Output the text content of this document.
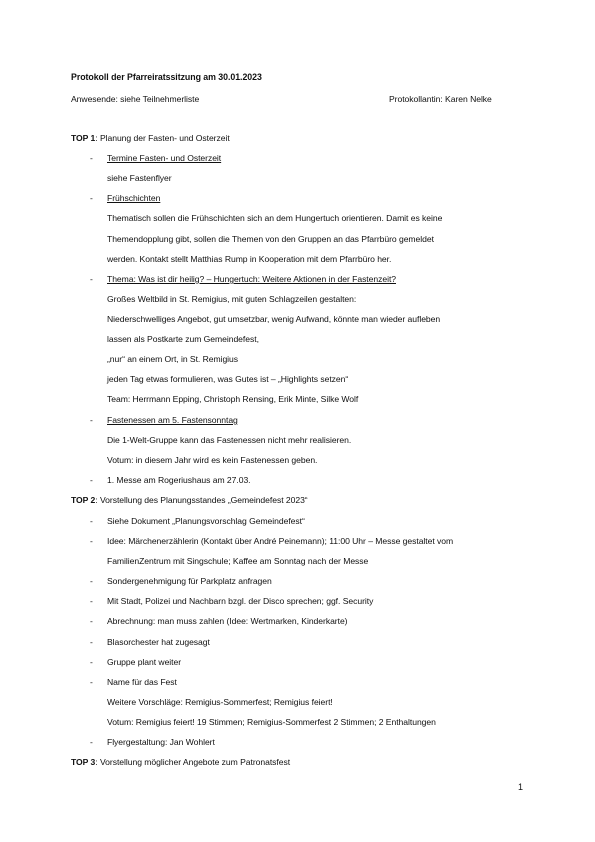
Protokoll der Pfarreiratssitzung am 30.01.2023
Anwesende: siehe Teilnehmerliste	Protokollantin: Karen Nelke
TOP 1: Planung der Fasten- und Osterzeit
- Termine Fasten- und Osterzeit
siehe Fastenflyer
- Frühschichten
Thematisch sollen die Frühschichten sich an dem Hungertuch orientieren. Damit es keine
Themendopplung gibt, sollen die Themen von den Gruppen an das Pfarrbüro gemeldet
werden. Kontakt stellt Matthias Rump in Kooperation mit dem Pfarrbüro her.
- Thema: Was ist dir heilig? – Hungertuch: Weitere Aktionen in der Fastenzeit?
Großes Weltbild in St. Remigius, mit guten Schlagzeilen gestalten:
Niederschwelliges Angebot, gut umsetzbar, wenig Aufwand, könnte man wieder aufleben
lassen als Postkarte zum Gemeindefest,
„nur“ an einem Ort, in St. Remigius
jeden Tag etwas formulieren, was Gutes ist – „Highlights setzen“
Team: Herrmann Epping, Christoph Rensing, Erik Minte, Silke Wolf
- Fastenessen am 5. Fastensonntag
Die 1-Welt-Gruppe kann das Fastenessen nicht mehr realisieren.
Votum: in diesem Jahr wird es kein Fastenessen geben.
- 1. Messe am Rogeriushaus am 27.03.
TOP 2: Vorstellung des Planungsstandes „Gemeindefest 2023“
- Siehe Dokument „Planungsvorschlag Gemeindefest“
- Idee: Märchenerzählerin (Kontakt über André Peinemann); 11:00 Uhr – Messe gestaltet vom
FamilienZentrum mit Singschule; Kaffee am Sonntag nach der Messe
- Sondergenehmigung für Parkplatz anfragen
- Mit Stadt, Polizei und Nachbarn bzgl. der Disco sprechen; ggf. Security
- Abrechnung: man muss zahlen (Idee: Wertmarken, Kinderkarte)
- Blasorchester hat zugesagt
- Gruppe plant weiter
- Name für das Fest
Weitere Vorschläge: Remigius-Sommerfest; Remigius feiert!
Votum: Remigius feiert! 19 Stimmen; Remigius-Sommerfest 2 Stimmen; 2 Enthaltungen
- Flyergestaltung: Jan Wohlert
TOP 3: Vorstellung möglicher Angebote zum Patronatsfest
1
